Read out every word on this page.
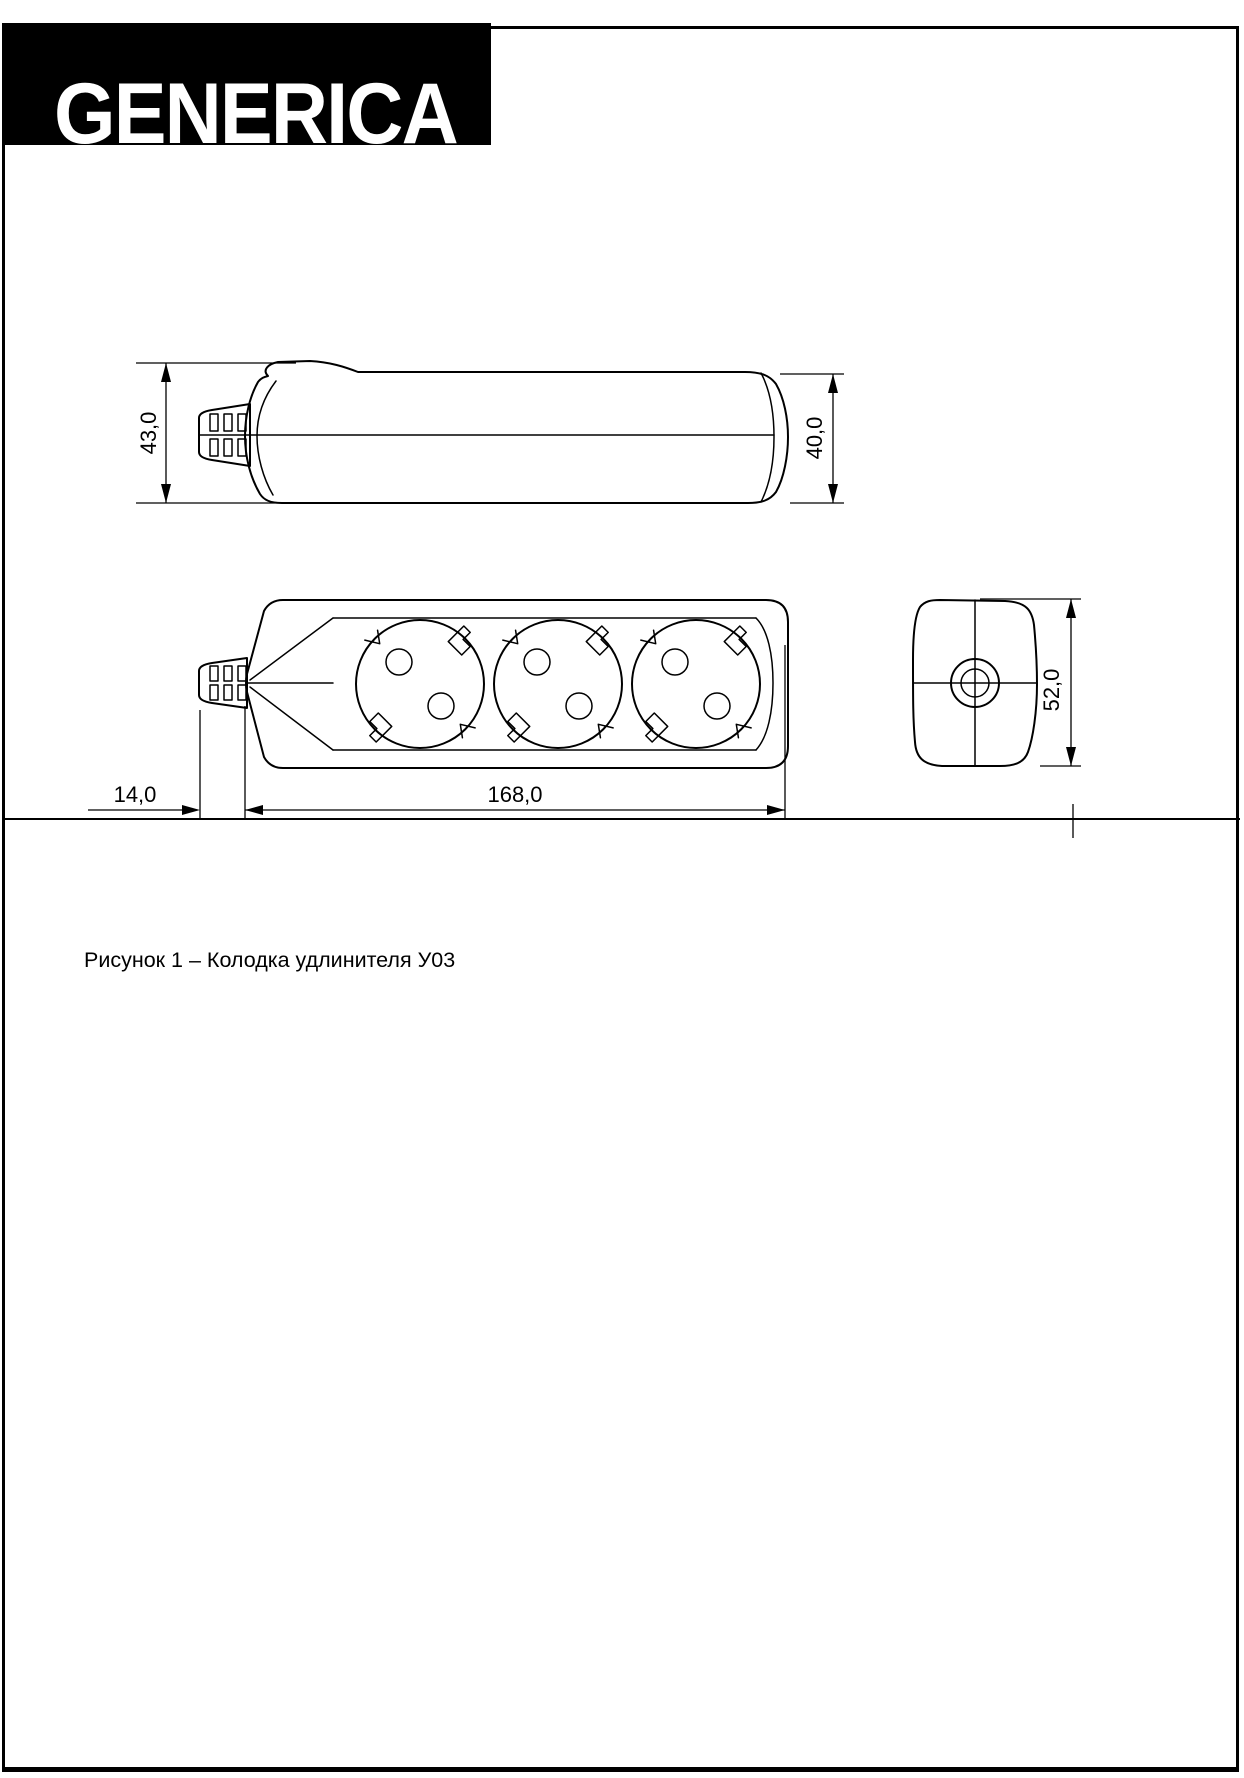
GENERICA
43,0	40,0
14,0	168,0
52,0
Рисунок 1 – Колодка удлинителя У03
